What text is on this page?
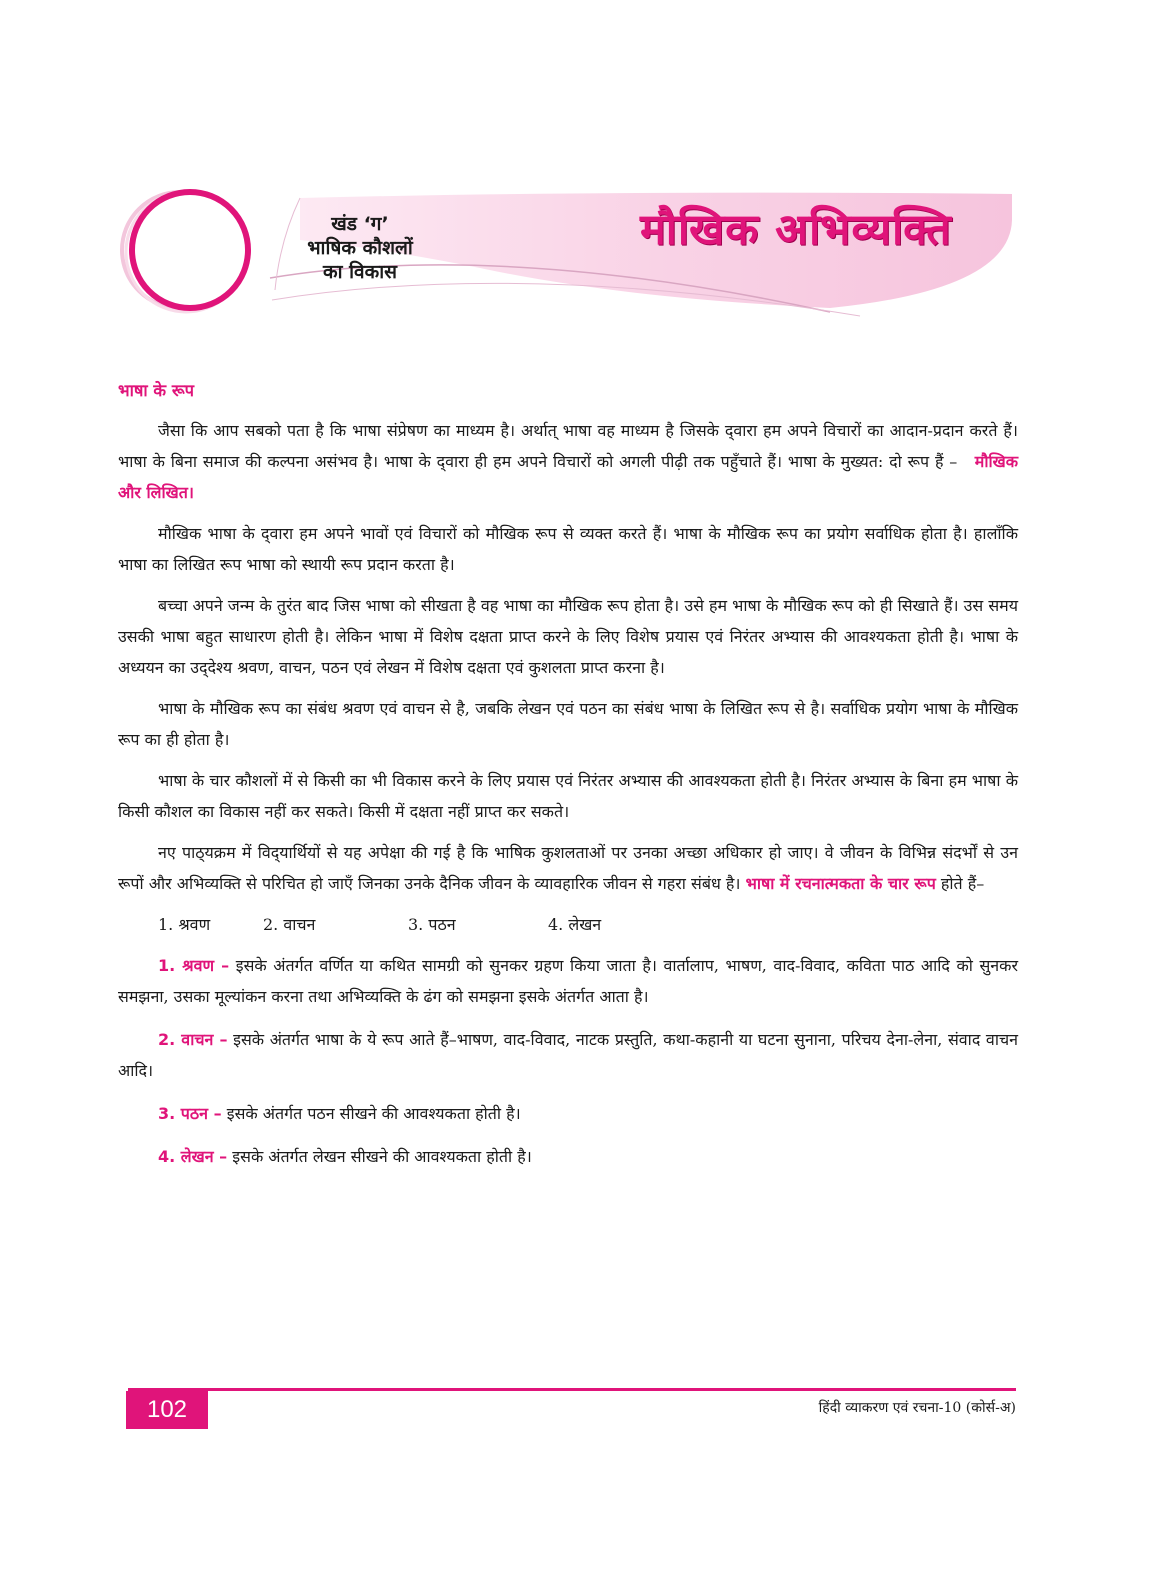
खंड ‘ग’
भाषिक कौशलों
का विकास
मौखिक अभिव्यक्ति
भाषा के रूप

जैसा कि आप सबको पता है कि भाषा संप्रेषण का माध्यम है। अर्थात् भाषा वह माध्यम है जिसके द्‌वारा हम अपने विचारों का आदान-प्रदान करते हैं। भाषा के बिना समाज की कल्पना असंभव है। भाषा के द्‌वारा ही हम अपने विचारों को अगली पीढ़ी तक पहुँचाते हैं। भाषा के मुख्यत: दो रूप हैं – मौखिक और लिखित।

मौखिक भाषा के द्‌वारा हम अपने भावों एवं विचारों को मौखिक रूप से व्यक्त करते हैं। भाषा के मौखिक रूप का प्रयोग सर्वाधिक होता है। हालाँकि भाषा का लिखित रूप भाषा को स्थायी रूप प्रदान करता है।

बच्चा अपने जन्म के तुरंत बाद जिस भाषा को सीखता है वह भाषा का मौखिक रूप होता है। उसे हम भाषा के मौखिक रूप को ही सिखाते हैं। उस समय उसकी भाषा बहुत साधारण होती है। लेकिन भाषा में विशेष दक्षता प्राप्त करने के लिए विशेष प्रयास एवं निरंतर अभ्यास की आवश्यकता होती है। भाषा के अध्ययन का उद्‌देश्य श्रवण, वाचन, पठन एवं लेखन में विशेष दक्षता एवं कुशलता प्राप्त करना है।

भाषा के मौखिक रूप का संबंध श्रवण एवं वाचन से है, जबकि लेखन एवं पठन का संबंध भाषा के लिखित रूप से है। सर्वाधिक प्रयोग भाषा के मौखिक रूप का ही होता है।

भाषा के चार कौशलों में से किसी का भी विकास करने के लिए प्रयास एवं निरंतर अभ्यास की आवश्यकता होती है। निरंतर अभ्यास के बिना हम भाषा के किसी कौशल का विकास नहीं कर सकते। किसी में दक्षता नहीं प्राप्त कर सकते।

नए पाठ्‌यक्रम में विद्‌यार्थियों से यह अपेक्षा की गई है कि भाषिक कुशलताओं पर उनका अच्छा अधिकार हो जाए। वे जीवन के विभिन्न संदर्भों से उन रूपों और अभिव्यक्ति से परिचित हो जाएँ जिनका उनके दैनिक जीवन के व्यावहारिक जीवन से गहरा संबंध है। भाषा में रचनात्मकता के चार रूप होते हैं–

1. श्रवण	2. वाचन	3. पठन	4. लेखन

1. श्रवण – इसके अंतर्गत वर्णित या कथित सामग्री को सुनकर ग्रहण किया जाता है। वार्तालाप, भाषण, वाद-विवाद, कविता पाठ आदि को सुनकर समझना, उसका मूल्यांकन करना तथा अभिव्यक्ति के ढंग को समझना इसके अंतर्गत आता है।

2. वाचन – इसके अंतर्गत भाषा के ये रूप आते हैं–भाषण, वाद-विवाद, नाटक प्रस्तुति, कथा-कहानी या घटना सुनाना, परिचय देना-लेना, संवाद वाचन आदि।

3. पठन – इसके अंतर्गत पठन सीखने की आवश्यकता होती है।

4. लेखन – इसके अंतर्गत लेखन सीखने की आवश्यकता होती है।

102	हिंदी व्याकरण एवं रचना-10 (कोर्स-अ)
